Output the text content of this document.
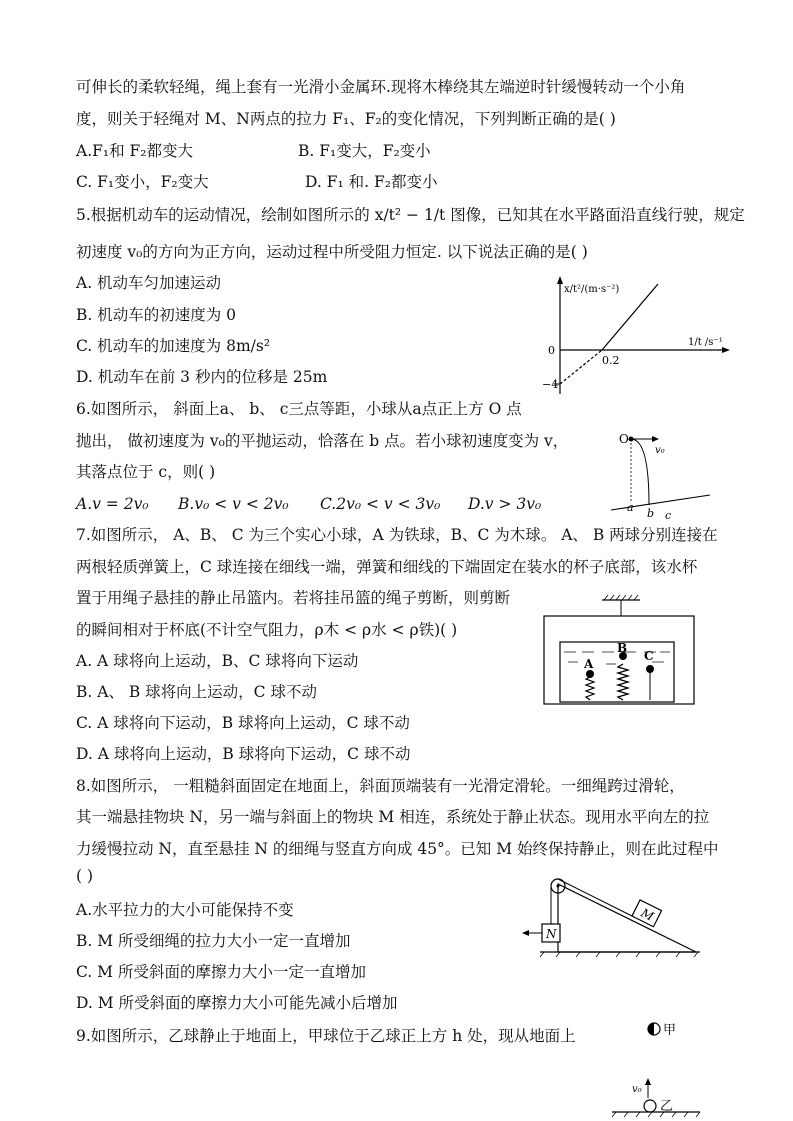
可伸长的柔软轻绳，绳上套有一光滑小金属环.现将木棒绕其左端逆时针缓慢转动一个小角
度，则关于轻绳对 M、N两点的拉力 F₁、F₂的变化情况，下列判断正确的是( )
A.F₁和 F₂都变大	B. F₁变大，F₂变小
C. F₁变小，F₂变大	D. F₁ 和. F₂都变小
5.根据机动车的运动情况，绘制如图所示的 x/t² − 1/t 图像，已知其在水平路面沿直线行驶，规定
初速度 v₀的方向为正方向，运动过程中所受阻力恒定. 以下说法正确的是( )
A. 机动车匀加速运动
B. 机动车的初速度为 0
C. 机动车的加速度为 8m/s²
D. 机动车在前 3 秒内的位移是 25m
x/t²/(m·s⁻²)
1/t /s⁻¹
0
0.2
−4
6.如图所示， 斜面上a、 b、 c三点等距，小球从a点正上方 O 点
抛出， 做初速度为 v₀的平抛运动，恰落在 b 点。若小球初速度变为 v，
其落点位于 c，则( )
A.v = 2v₀ B.v₀ < v < 2v₀ C.2v₀ < v < 3v₀ D.v > 3v₀
O
v₀
a b c
7.如图所示， A、B、 C 为三个实心小球，A 为铁球，B、C 为木球。 A、 B 两球分别连接在
两根轻质弹簧上，C 球连接在细线一端，弹簧和细线的下端固定在装水的杯子底部，该水杯
置于用绳子悬挂的静止吊篮内。若将挂吊篮的绳子剪断，则剪断
的瞬间相对于杯底(不计空气阻力，ρ木 < ρ水 < ρ铁)( )
A. A 球将向上运动，B、C 球将向下运动
B. A、 B 球将向上运动，C 球不动
C. A 球将向下运动，B 球将向上运动，C 球不动
D. A 球将向上运动，B 球将向下运动，C 球不动
A
B
C
8.如图所示， 一粗糙斜面固定在地面上，斜面顶端装有一光滑定滑轮。一细绳跨过滑轮，
其一端悬挂物块 N，另一端与斜面上的物块 M 相连，系统处于静止状态。现用水平向左的拉
力缓慢拉动 N，直至悬挂 N 的细绳与竖直方向成 45°。已知 M 始终保持静止，则在此过程中
( )
A.水平拉力的大小可能保持不变
B. M 所受细绳的拉力大小一定一直增加
C. M 所受斜面的摩擦力大小一定一直增加
D. M 所受斜面的摩擦力大小可能先减小后增加
M
N
9.如图所示，乙球静止于地面上，甲球位于乙球正上方 h 处，现从地面上	甲
乙
v₀
